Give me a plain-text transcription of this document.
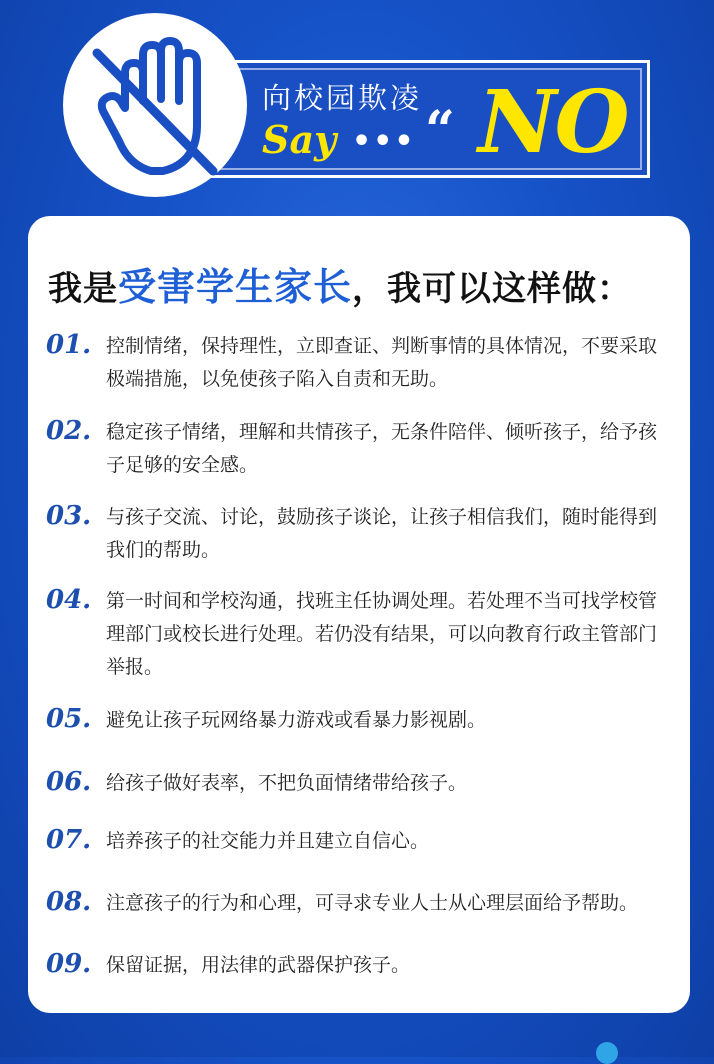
向校园欺凌
Say ••• “ NO
我是受害学生家长，我可以这样做：
01. 控制情绪，保持理性，立即查证、判断事情的具体情况，不要采取极端措施，以免使孩子陷入自责和无助。
02. 稳定孩子情绪，理解和共情孩子，无条件陪伴、倾听孩子，给予孩子足够的安全感。
03. 与孩子交流、讨论，鼓励孩子谈论，让孩子相信我们，随时能得到我们的帮助。
04. 第一时间和学校沟通，找班主任协调处理。若处理不当可找学校管理部门或校长进行处理。若仍没有结果，可以向教育行政主管部门举报。
05. 避免让孩子玩网络暴力游戏或看暴力影视剧。
06. 给孩子做好表率，不把负面情绪带给孩子。
07. 培养孩子的社交能力并且建立自信心。
08. 注意孩子的行为和心理，可寻求专业人士从心理层面给予帮助。
09. 保留证据，用法律的武器保护孩子。
